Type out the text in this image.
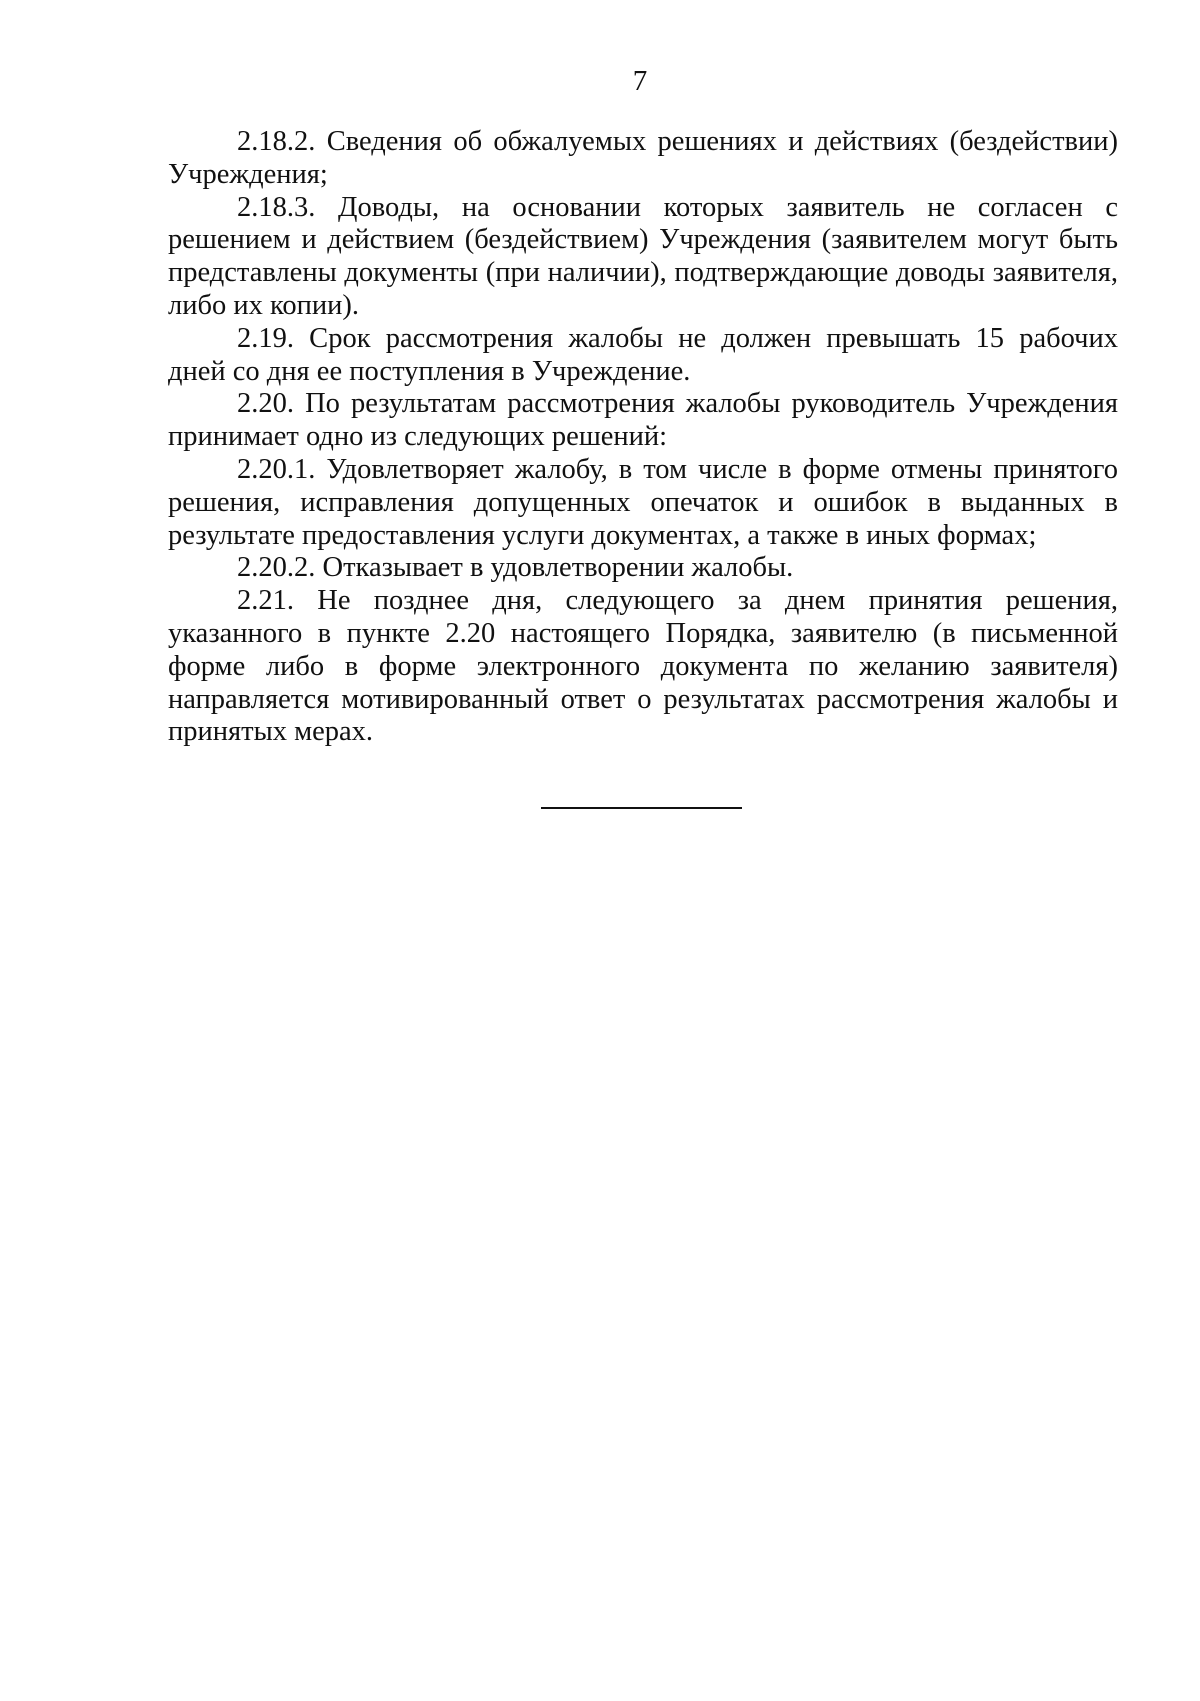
7

2.18.2. Сведения об обжалуемых решениях и действиях (бездействии) Учреждения;

2.18.3. Доводы, на основании которых заявитель не согласен с решением и действием (бездействием) Учреждения (заявителем могут быть представлены документы (при наличии), подтверждающие доводы заявителя, либо их копии).

2.19. Срок рассмотрения жалобы не должен превышать 15 рабочих дней со дня ее поступления в Учреждение.

2.20. По результатам рассмотрения жалобы руководитель Учреждения принимает одно из следующих решений:

2.20.1. Удовлетворяет жалобу, в том числе в форме отмены принятого решения, исправления допущенных опечаток и ошибок в выданных в результате предоставления услуги документах, а также в иных формах;

2.20.2. Отказывает в удовлетворении жалобы.

2.21. Не позднее дня, следующего за днем принятия решения, указанного в пункте 2.20 настоящего Порядка, заявителю (в письменной форме либо в форме электронного документа по желанию заявителя) направляется мотивированный ответ о результатах рассмотрения жалобы и принятых мерах.
